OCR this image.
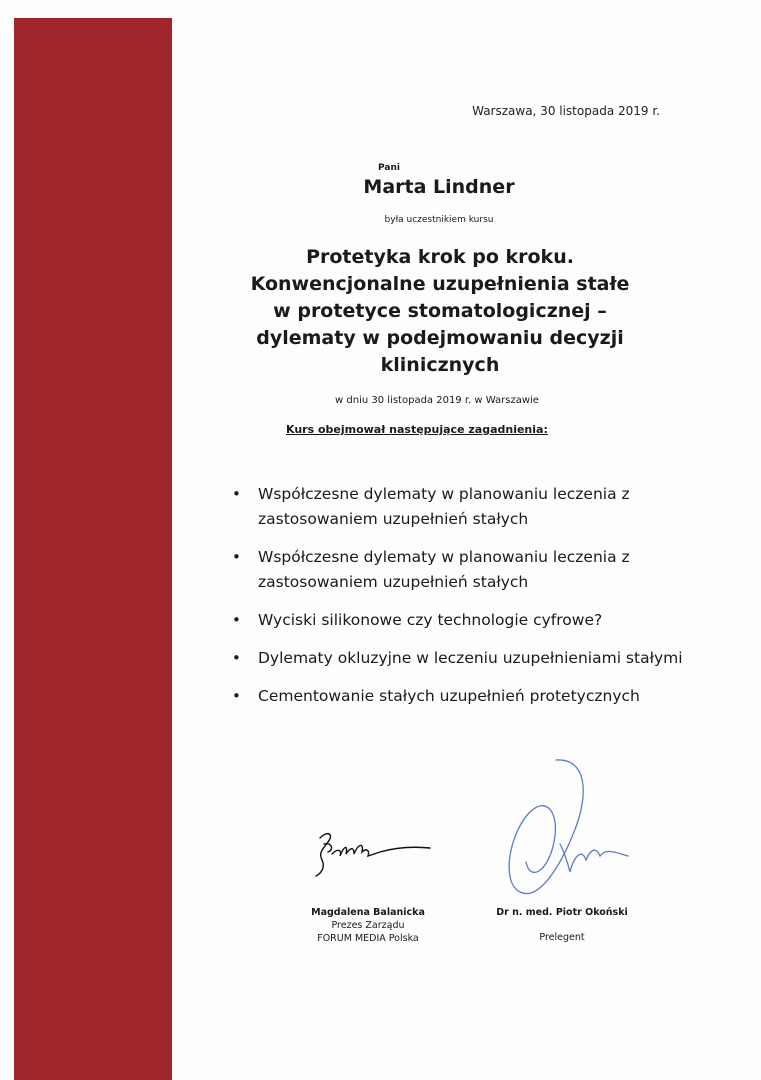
Warszawa, 30 listopada 2019 r.
Pani
Marta Lindner
była uczestnikiem kursu
Protetyka krok po kroku.
Konwencjonalne uzupełnienia stałe
w protetyce stomatologicznej –
dylematy w podejmowaniu decyzji
klinicznych
w dniu 30 listopada 2019 r. w Warszawie
Kurs obejmował następujące zagadnienia:
• Współczesne dylematy w planowaniu leczenia z zastosowaniem uzupełnień stałych
• Współczesne dylematy w planowaniu leczenia z zastosowaniem uzupełnień stałych
• Wyciski silikonowe czy technologie cyfrowe?
• Dylematy okluzyjne w leczeniu uzupełnieniami stałymi
• Cementowanie stałych uzupełnień protetycznych
Magdalena Balanicka
Prezes Zarządu
FORUM MEDIA Polska
Dr n. med. Piotr Okoński
Prelegent
